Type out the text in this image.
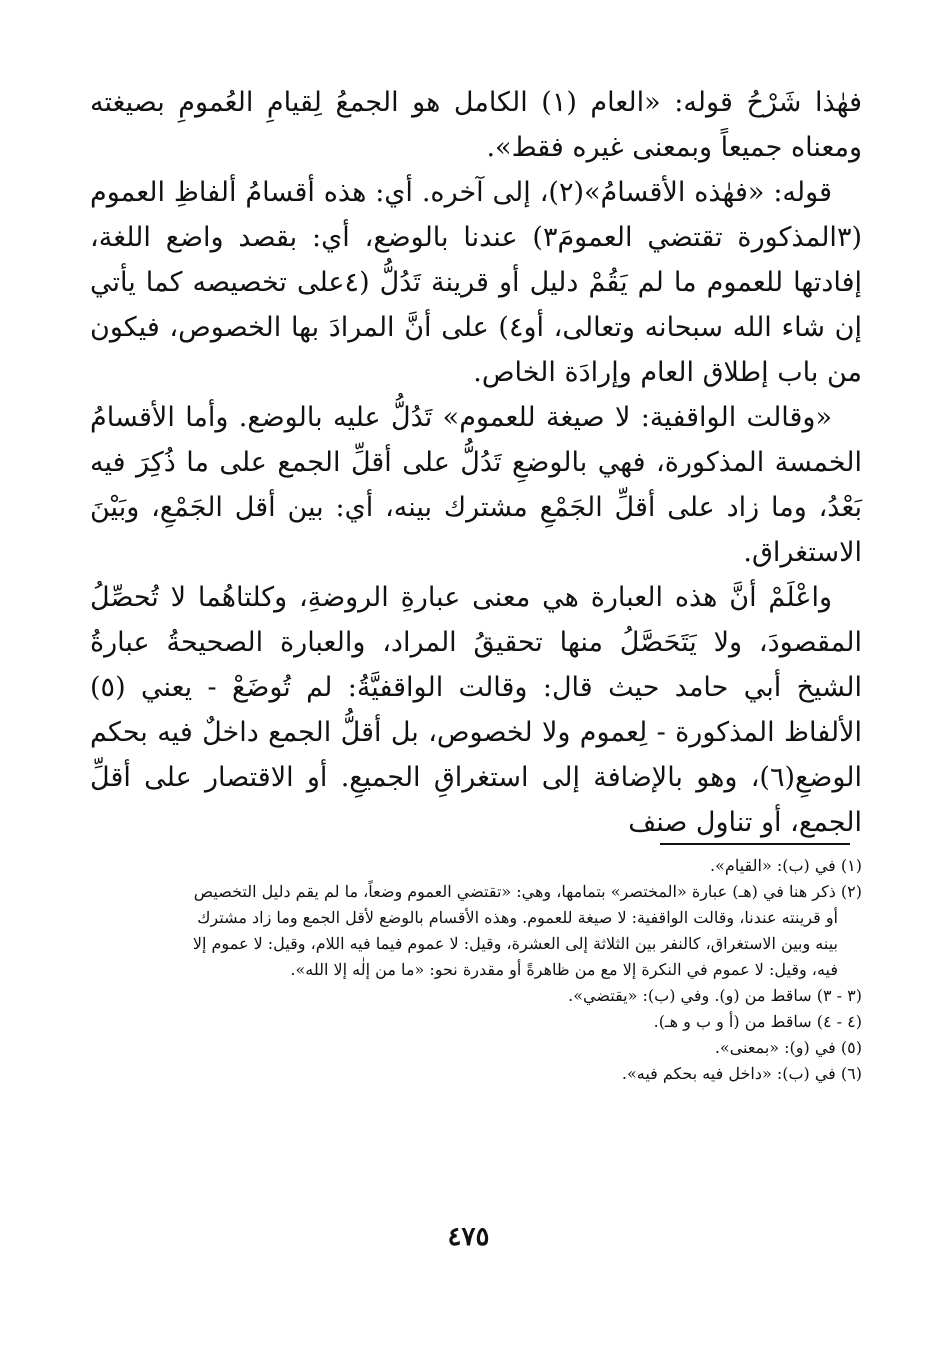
فهٰذا شَرْحُ قوله: «العام (١) الكامل هو الجمعُ لِقيامِ العُمومِ بصيغته ومعناه جميعاً وبمعنى غيره فقط».

قوله: «فهٰذه الأقسامُ»(٢)، إلى آخره. أي: هذه أقسامُ ألفاظِ العموم (٣المذكورة تقتضي العمومَ٣) عندنا بالوضع، أي: بقصد واضع اللغة، إفادتها للعموم ما لم يَقُمْ دليل أو قرينة تَدُلُّ (٤على تخصيصه كما يأتي إن شاء الله سبحانه وتعالى، أو٤) على أنَّ المرادَ بها الخصوص، فيكون من باب إطلاق العام وإرادَة الخاص.

«وقالت الواقفية: لا صيغة للعموم» تَدُلُّ عليه بالوضع. وأما الأقسامُ الخمسة المذكورة، فهي بالوضعِ تَدُلُّ على أقلِّ الجمع على ما ذُكِرَ فيه بَعْدُ، وما زاد على أقلِّ الجَمْعِ مشترك بينه، أي: بين أقل الجَمْعِ، وبَيْنَ الاستغراق.

واعْلَمْ أنَّ هذه العبارة هي معنى عبارةِ الروضةِ، وكلتاهُما لا تُحصِّلُ المقصودَ، ولا يَتَحَصَّلُ منها تحقيقُ المراد، والعبارة الصحيحةُ عبارةُ الشيخ أبي حامد حيث قال: وقالت الواقفيَّةُ: لم تُوضَعْ - يعني (٥) الألفاظ المذكورة - لِعموم ولا لخصوص، بل أقلُّ الجمع داخلٌ فيه بحكم الوضعِ(٦)، وهو بالإضافة إلى استغراقِ الجميعِ. أو الاقتصار على أقلِّ الجمع، أو تناول صنف

(١) في (ب): «القيام».

(٢) ذكر هنا في (هـ) عبارة «المختصر» بتمامها، وهي: «تقتضي العموم وضعاً، ما لم يقم دليل التخصيص

أو قرينته عندنا، وقالت الواقفية: لا صيغة للعموم. وهذه الأقسام بالوضع لأقل الجمع وما زاد مشترك

بينه وبين الاستغراق، كالنفر بين الثلاثة إلى العشرة، وقيل: لا عموم فيما فيه اللام، وقيل: لا عموم إلا

فيه، وقيل: لا عموم في النكرة إلا مع من ظاهرةً أو مقدرة نحو: «ما من إلٰه إلا الله».

(٣ - ٣) ساقط من (و). وفي (ب): «يقتضي».

(٤ - ٤) ساقط من (أ و ب و هـ).

(٥) في (و): «بمعنى».

(٦) في (ب): «داخل فيه بحكم فيه».

٤٧٥
